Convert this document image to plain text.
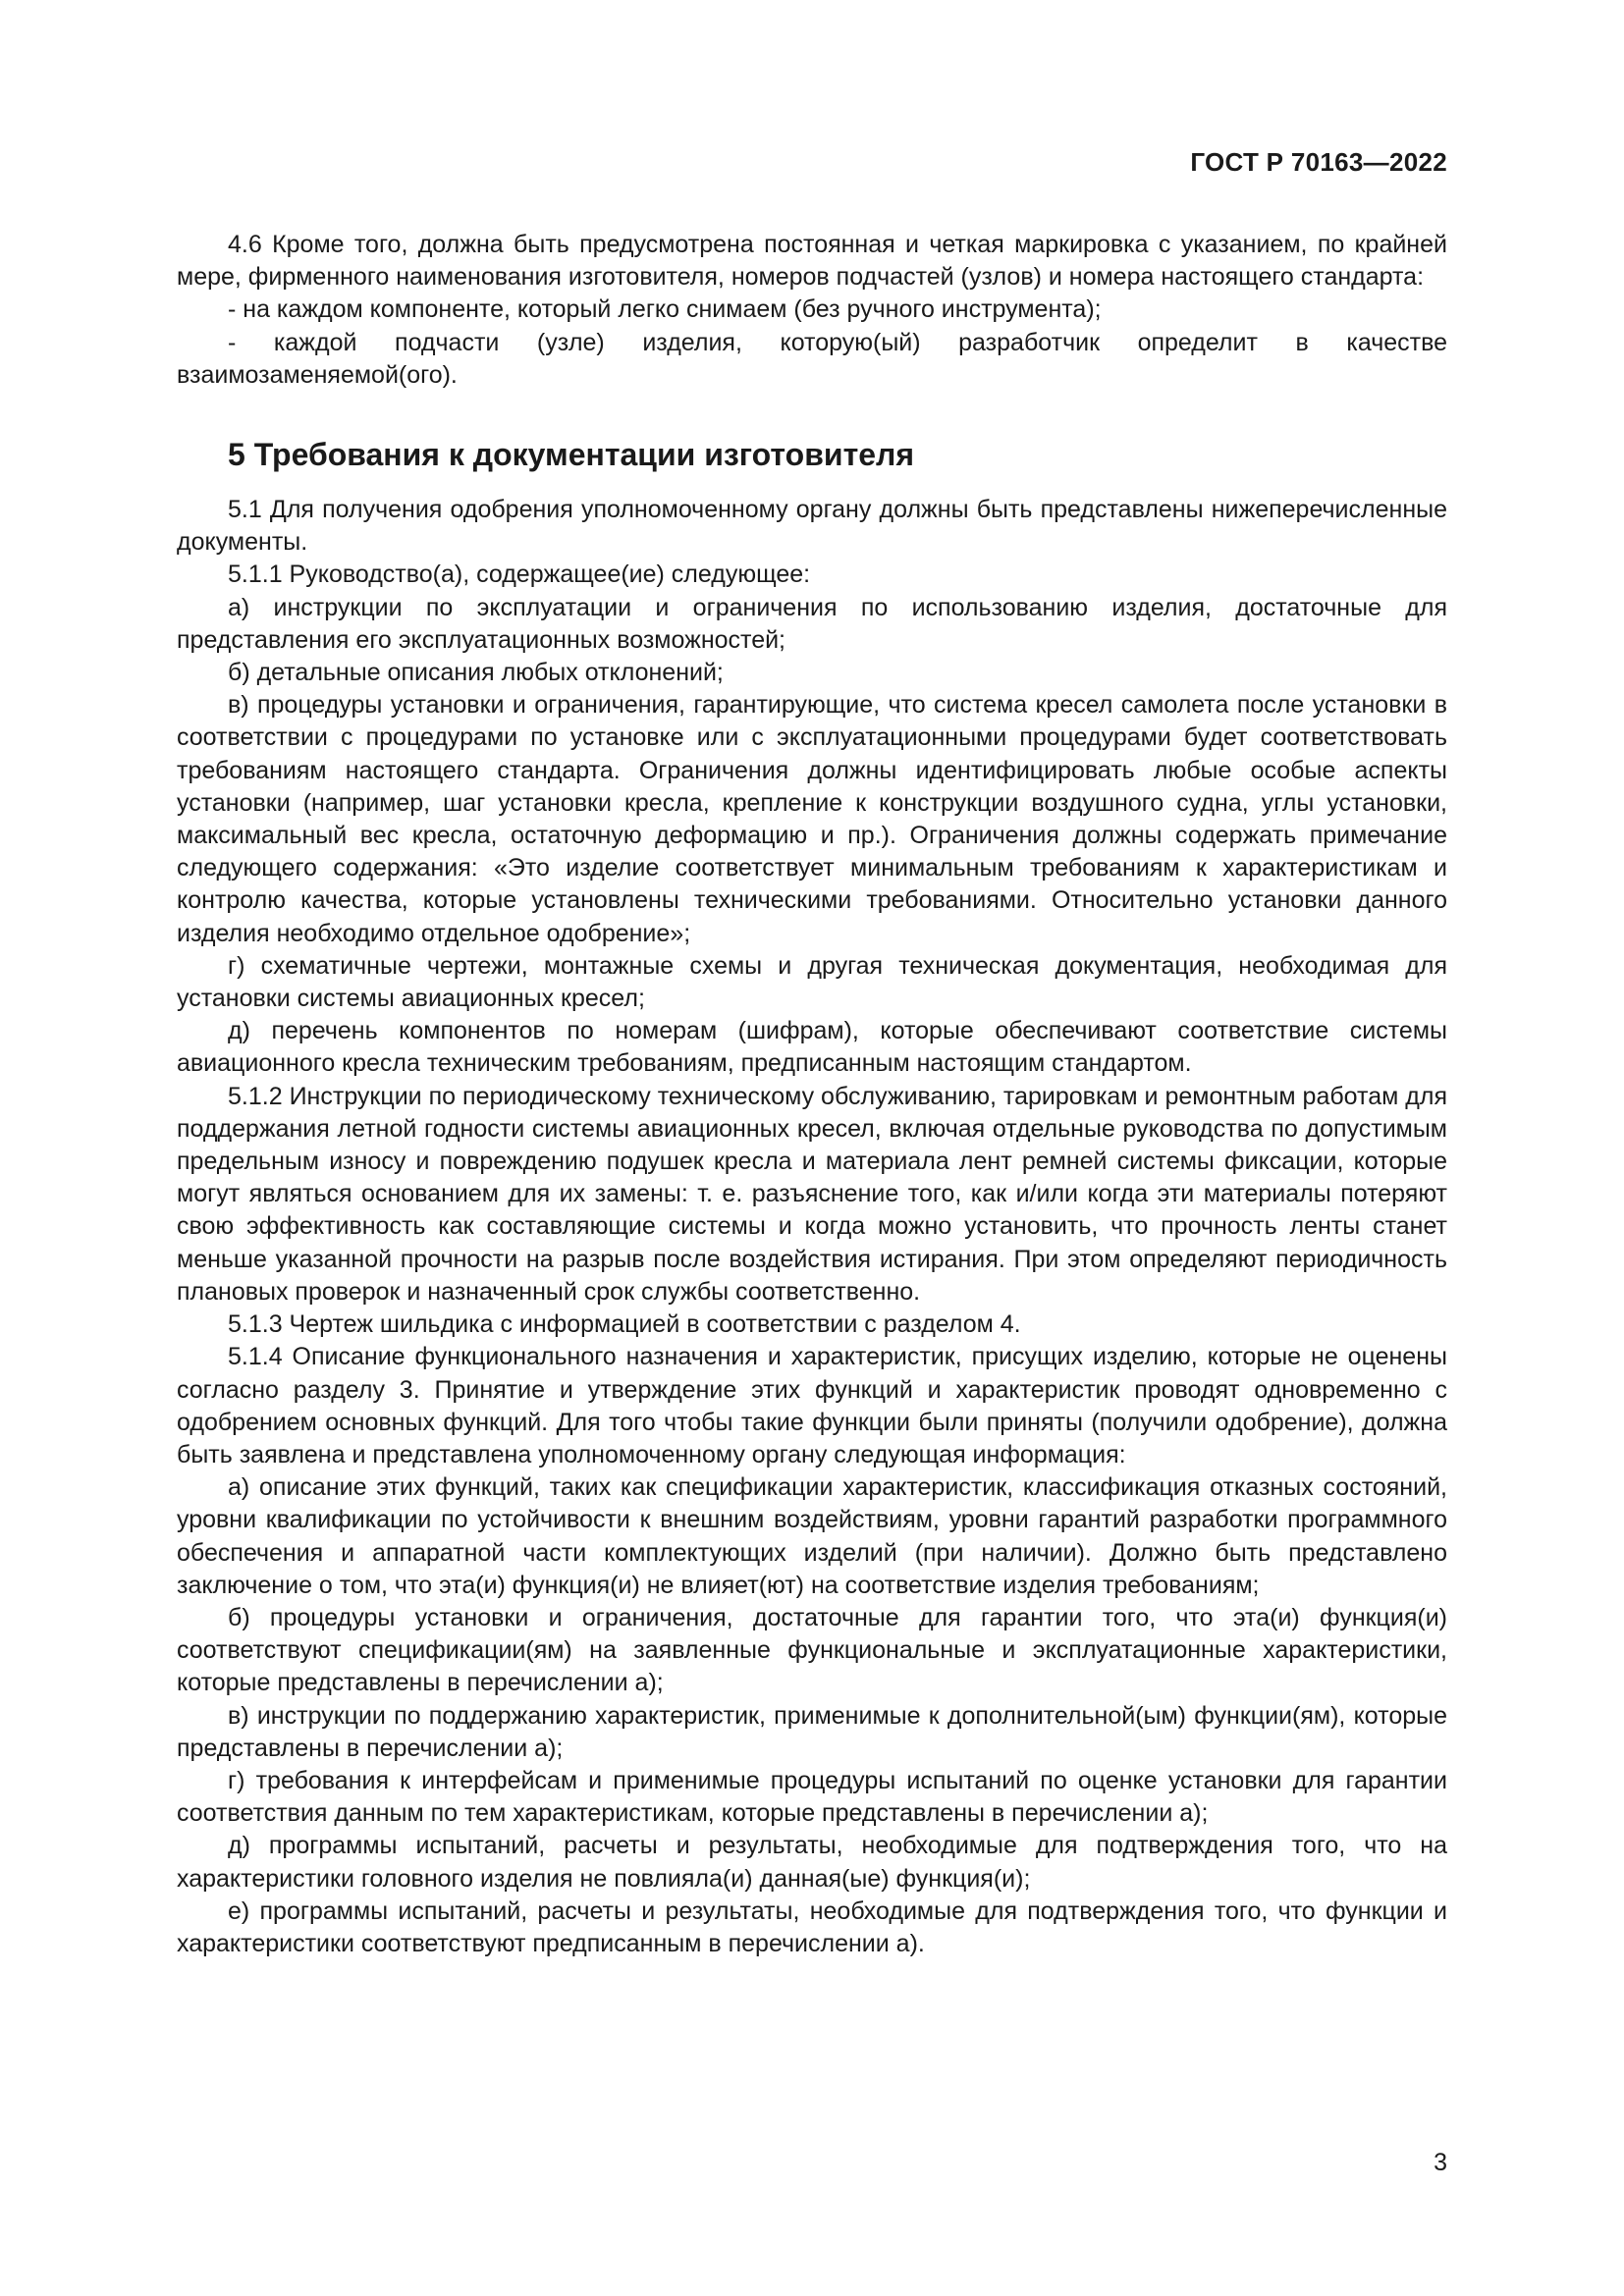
ГОСТ Р 70163—2022

4.6 Кроме того, должна быть предусмотрена постоянная и четкая маркировка с указанием, по крайней мере, фирменного наименования изготовителя, номеров подчастей (узлов) и номера настоящего стандарта:

- на каждом компоненте, который легко снимаем (без ручного инструмента);

- каждой подчасти (узле) изделия, которую(ый) разработчик определит в качестве взаимозаменяемой(ого).

5 Требования к документации изготовителя

5.1 Для получения одобрения уполномоченному органу должны быть представлены нижеперечисленные документы.

5.1.1 Руководство(а), содержащее(ие) следующее:

а) инструкции по эксплуатации и ограничения по использованию изделия, достаточные для представления его эксплуатационных возможностей;

б) детальные описания любых отклонений;

в) процедуры установки и ограничения, гарантирующие, что система кресел самолета после установки в соответствии с процедурами по установке или с эксплуатационными процедурами будет соответствовать требованиям настоящего стандарта. Ограничения должны идентифицировать любые особые аспекты установки (например, шаг установки кресла, крепление к конструкции воздушного судна, углы установки, максимальный вес кресла, остаточную деформацию и пр.). Ограничения должны содержать примечание следующего содержания: «Это изделие соответствует минимальным требованиям к характеристикам и контролю качества, которые установлены техническими требованиями. Относительно установки данного изделия необходимо отдельное одобрение»;

г) схематичные чертежи, монтажные схемы и другая техническая документация, необходимая для установки системы авиационных кресел;

д) перечень компонентов по номерам (шифрам), которые обеспечивают соответствие системы авиационного кресла техническим требованиям, предписанным настоящим стандартом.

5.1.2 Инструкции по периодическому техническому обслуживанию, тарировкам и ремонтным работам для поддержания летной годности системы авиационных кресел, включая отдельные руководства по допустимым предельным износу и повреждению подушек кресла и материала лент ремней системы фиксации, которые могут являться основанием для их замены: т. е. разъяснение того, как и/или когда эти материалы потеряют свою эффективность как составляющие системы и когда можно установить, что прочность ленты станет меньше указанной прочности на разрыв после воздействия истирания. При этом определяют периодичность плановых проверок и назначенный срок службы соответственно.

5.1.3 Чертеж шильдика с информацией в соответствии с разделом 4.

5.1.4 Описание функционального назначения и характеристик, присущих изделию, которые не оценены согласно разделу 3. Принятие и утверждение этих функций и характеристик проводят одновременно с одобрением основных функций. Для того чтобы такие функции были приняты (получили одобрение), должна быть заявлена и представлена уполномоченному органу следующая информация:

а) описание этих функций, таких как спецификации характеристик, классификация отказных состояний, уровни квалификации по устойчивости к внешним воздействиям, уровни гарантий разработки программного обеспечения и аппаратной части комплектующих изделий (при наличии). Должно быть представлено заключение о том, что эта(и) функция(и) не влияет(ют) на соответствие изделия требованиям;

б) процедуры установки и ограничения, достаточные для гарантии того, что эта(и) функция(и) соответствуют спецификации(ям) на заявленные функциональные и эксплуатационные характеристики, которые представлены в перечислении а);

в) инструкции по поддержанию характеристик, применимые к дополнительной(ым) функции(ям), которые представлены в перечислении а);

г) требования к интерфейсам и применимые процедуры испытаний по оценке установки для гарантии соответствия данным по тем характеристикам, которые представлены в перечислении а);

д) программы испытаний, расчеты и результаты, необходимые для подтверждения того, что на характеристики головного изделия не повлияла(и) данная(ые) функция(и);

е) программы испытаний, расчеты и результаты, необходимые для подтверждения того, что функции и характеристики соответствуют предписанным в перечислении а).

3
